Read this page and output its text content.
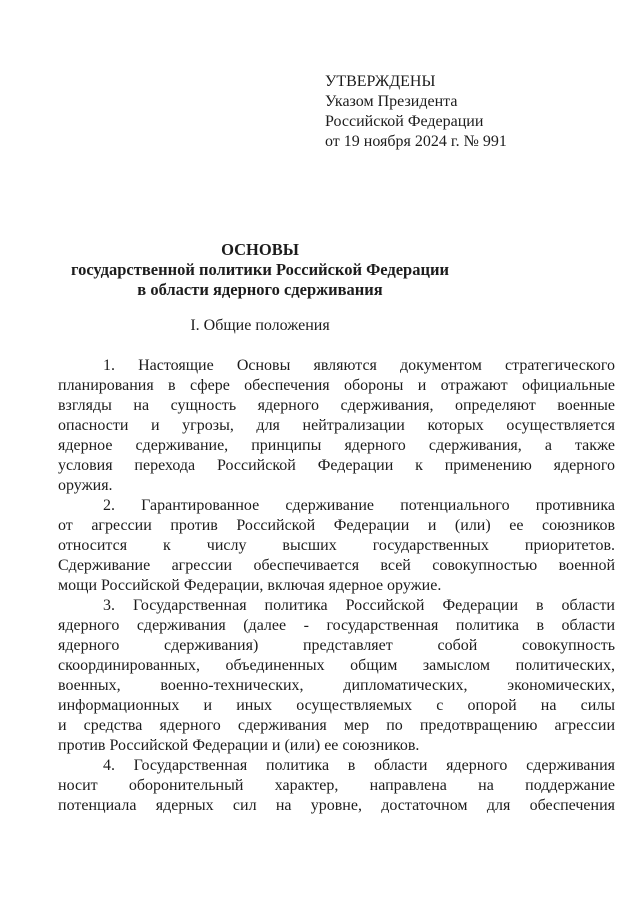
УТВЕРЖДЕНЫ
Указом Президента
Российской Федерации
от 19 ноября 2024 г. № 991
ОСНОВЫ
государственной политики Российской Федерации
в области ядерного сдерживания
I. Общие положения
1. Настоящие Основы являются документом стратегического
планирования в сфере обеспечения обороны и отражают официальные
взгляды на сущность ядерного сдерживания, определяют военные
опасности и угрозы, для нейтрализации которых осуществляется
ядерное сдерживание, принципы ядерного сдерживания, а также
условия перехода Российской Федерации к применению ядерного
оружия.
2. Гарантированное сдерживание потенциального противника
от агрессии против Российской Федерации и (или) ее союзников
относится к числу высших государственных приоритетов.
Сдерживание агрессии обеспечивается всей совокупностью военной
мощи Российской Федерации, включая ядерное оружие.
3. Государственная политика Российской Федерации в области
ядерного сдерживания (далее - государственная политика в области
ядерного сдерживания) представляет собой совокупность
скоординированных, объединенных общим замыслом политических,
военных, военно-технических, дипломатических, экономических,
информационных и иных осуществляемых с опорой на силы
и средства ядерного сдерживания мер по предотвращению агрессии
против Российской Федерации и (или) ее союзников.
4. Государственная политика в области ядерного сдерживания
носит оборонительный характер, направлена на поддержание
потенциала ядерных сил на уровне, достаточном для обеспечения
